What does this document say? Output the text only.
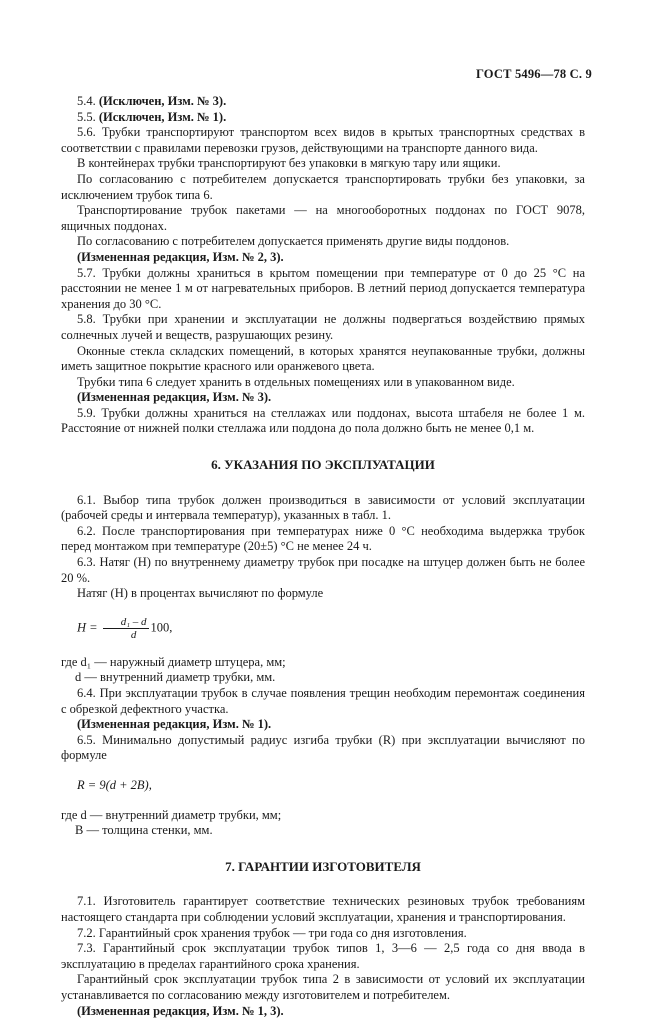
ГОСТ 5496—78 С. 9

5.4. (Исключен, Изм. № 3).

5.5. (Исключен, Изм. № 1).

5.6. Трубки транспортируют транспортом всех видов в крытых транспортных средствах в соответствии с правилами перевозки грузов, действующими на транспорте данного вида.

В контейнерах трубки транспортируют без упаковки в мягкую тару или ящики.

По согласованию с потребителем допускается транспортировать трубки без упаковки, за исключением трубок типа 6.

Транспортирование трубок пакетами — на многооборотных поддонах по ГОСТ 9078, ящичных поддонах.

По согласованию с потребителем допускается применять другие виды поддонов.

(Измененная редакция, Изм. № 2, 3).

5.7. Трубки должны храниться в крытом помещении при температуре от 0 до 25 °С на расстоянии не менее 1 м от нагревательных приборов. В летний период допускается температура хранения до 30 °С.

5.8. Трубки при хранении и эксплуатации не должны подвергаться воздействию прямых солнечных лучей и веществ, разрушающих резину.

Оконные стекла складских помещений, в которых хранятся неупакованные трубки, должны иметь защитное покрытие красного или оранжевого цвета.

Трубки типа 6 следует хранить в отдельных помещениях или в упакованном виде.

(Измененная редакция, Изм. № 3).

5.9. Трубки должны храниться на стеллажах или поддонах, высота штабеля не более 1 м. Расстояние от нижней полки стеллажа или поддона до пола должно быть не менее 0,1 м.

6. УКАЗАНИЯ ПО ЭКСПЛУАТАЦИИ

6.1. Выбор типа трубок должен производиться в зависимости от условий эксплуатации (рабочей среды и интервала температур), указанных в табл. 1.

6.2. После транспортирования при температурах ниже 0 °С необходима выдержка трубок перед монтажом при температуре (20±5) °С не менее 24 ч.

6.3. Натяг (Н) по внутреннему диаметру трубок при посадке на штуцер должен быть не более 20 %.

Натяг (Н) в процентах вычисляют по формуле

$H = \frac{\text{d₁ – d}}{d} 100$,

где d₁ — наружный диаметр штуцера, мм;

d — внутренний диаметр трубки, мм.

6.4. При эксплуатации трубок в случае появления трещин необходим перемонтаж соединения с обрезкой дефектного участка.

(Измененная редакция, Изм. № 1).

6.5. Минимально допустимый радиус изгиба трубки (R) при эксплуатации вычисляют по формуле

R = 9(d + 2B),

где d — внутренний диаметр трубки, мм;

B — толщина стенки, мм.

7. ГАРАНТИИ ИЗГОТОВИТЕЛЯ

7.1. Изготовитель гарантирует соответствие технических резиновых трубок требованиям настоящего стандарта при соблюдении условий эксплуатации, хранения и транспортирования.

7.2. Гарантийный срок хранения трубок — три года со дня изготовления.

7.3. Гарантийный срок эксплуатации трубок типов 1, 3—6 — 2,5 года со дня ввода в эксплуатацию в пределах гарантийного срока хранения.

Гарантийный срок эксплуатации трубок типа 2 в зависимости от условий их эксплуатации устанавливается по согласованию между изготовителем и потребителем.

(Измененная редакция, Изм. № 1, 3).
